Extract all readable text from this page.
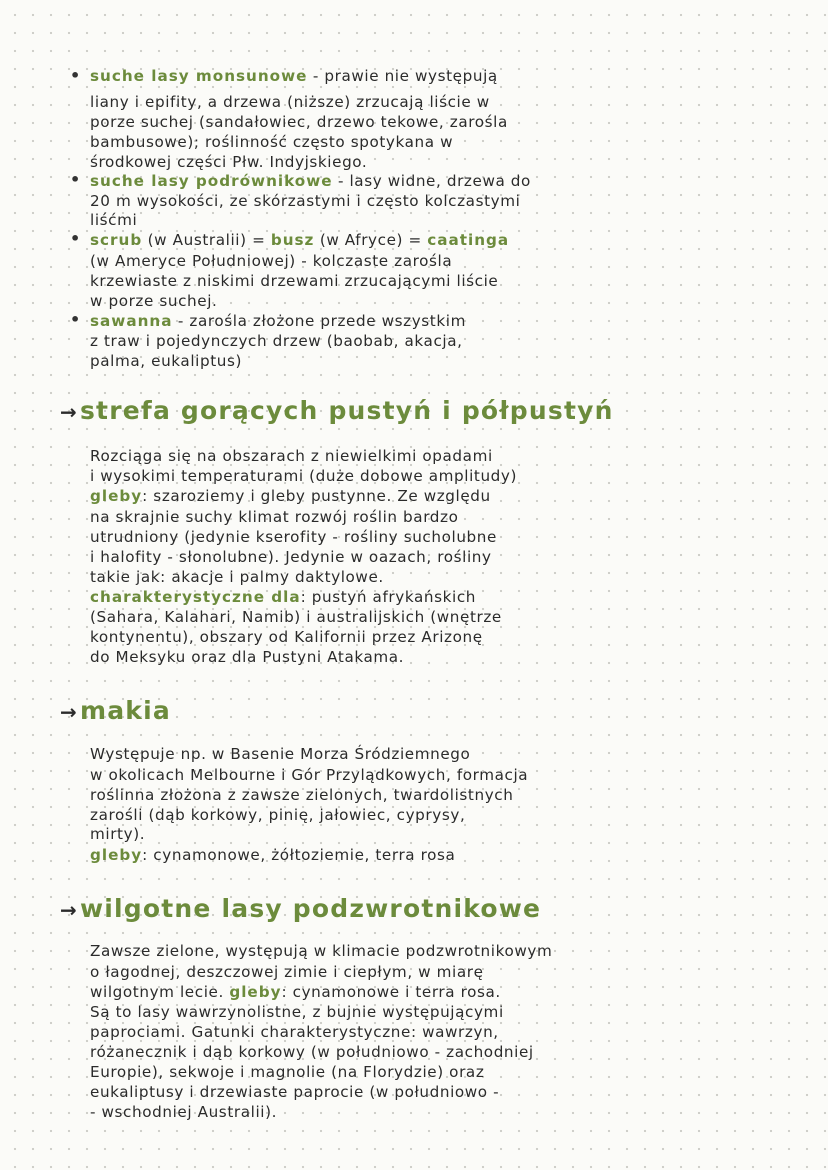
• suche lasy monsunowe - prawie nie występują
liany i epifity, a drzewa (niższe) zrzucają liście w
porze suchej (sandałowiec, drzewo tekowe, zarośla
bambusowe); roślinność często spotykana w
środkowej części Płw. Indyjskiego.
• suche lasy podrównikowe - lasy widne, drzewa do
20 m wysokości, ze skórzastymi i często kolczastymi
liśćmi
• scrub (w Australii) = busz (w Afryce) = caatinga
(w Ameryce Południowej) - kolczaste zarośla
krzewiaste z niskimi drzewami zrzucającymi liście
w porze suchej.
• sawanna - zarośla złożone przede wszystkim
z traw i pojedynczych drzew (baobab, akacja,
palma, eukaliptus)
→strefa gorących pustyń i półpustyń
Rozciąga się na obszarach z niewielkimi opadami
i wysokimi temperaturami (duże dobowe amplitudy)
gleby: szaroziemy i gleby pustynne. Ze względu
na skrajnie suchy klimat rozwój roślin bardzo
utrudniony (jedynie kserofity - rośliny sucholubne
i halofity - słonolubne). Jedynie w oazach, rośliny
takie jak: akacje i palmy daktylowe.
charakterystyczne dla: pustyń afrykańskich
(Sahara, Kalahari, Namib) i australijskich (wnętrze
kontynentu), obszary od Kalifornii przez Arizonę
do Meksyku oraz dla Pustyni Atakama.
→makia
Występuje np. w Basenie Morza Śródziemnego
w okolicach Melbourne i Gór Przylądkowych, formacja
roślinna złożona z zawsze zielonych, twardolistnych
zarośli (dąb korkowy, pinię, jałowiec, cyprysy,
mirty).
gleby: cynamonowe, żółtoziemie, terra rosa
→wilgotne lasy podzwrotnikowe
Zawsze zielone, występują w klimacie podzwrotnikowym
o łagodnej, deszczowej zimie i ciepłym, w miarę
wilgotnym lecie. gleby: cynamonowe i terra rosa.
Są to lasy wawrzynolistne, z bujnie występującymi
paprociami. Gatunki charakterystyczne: wawrzyn,
różanecznik i dąb korkowy (w południowo - zachodniej
Europie), sekwoje i magnolie (na Florydzie) oraz
eukaliptusy i drzewiaste paprocie (w południowo -
- wschodniej Australii).
